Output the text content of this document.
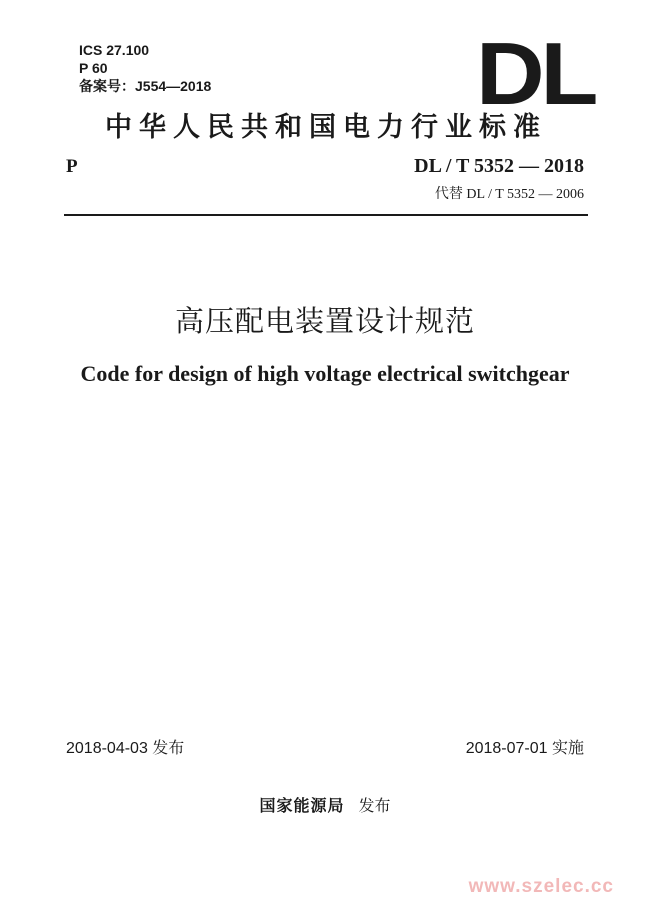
ICS 27.100
P 60
备案号：J554—2018	DL
中华人民共和国电力行业标准
P	DL / T 5352 — 2018
代替 DL / T 5352 — 2006
高压配电装置设计规范
Code for design of high voltage electrical switchgear
2018-04-03 发布	2018-07-01 实施
国家能源局 发布
www.szelec.cc
